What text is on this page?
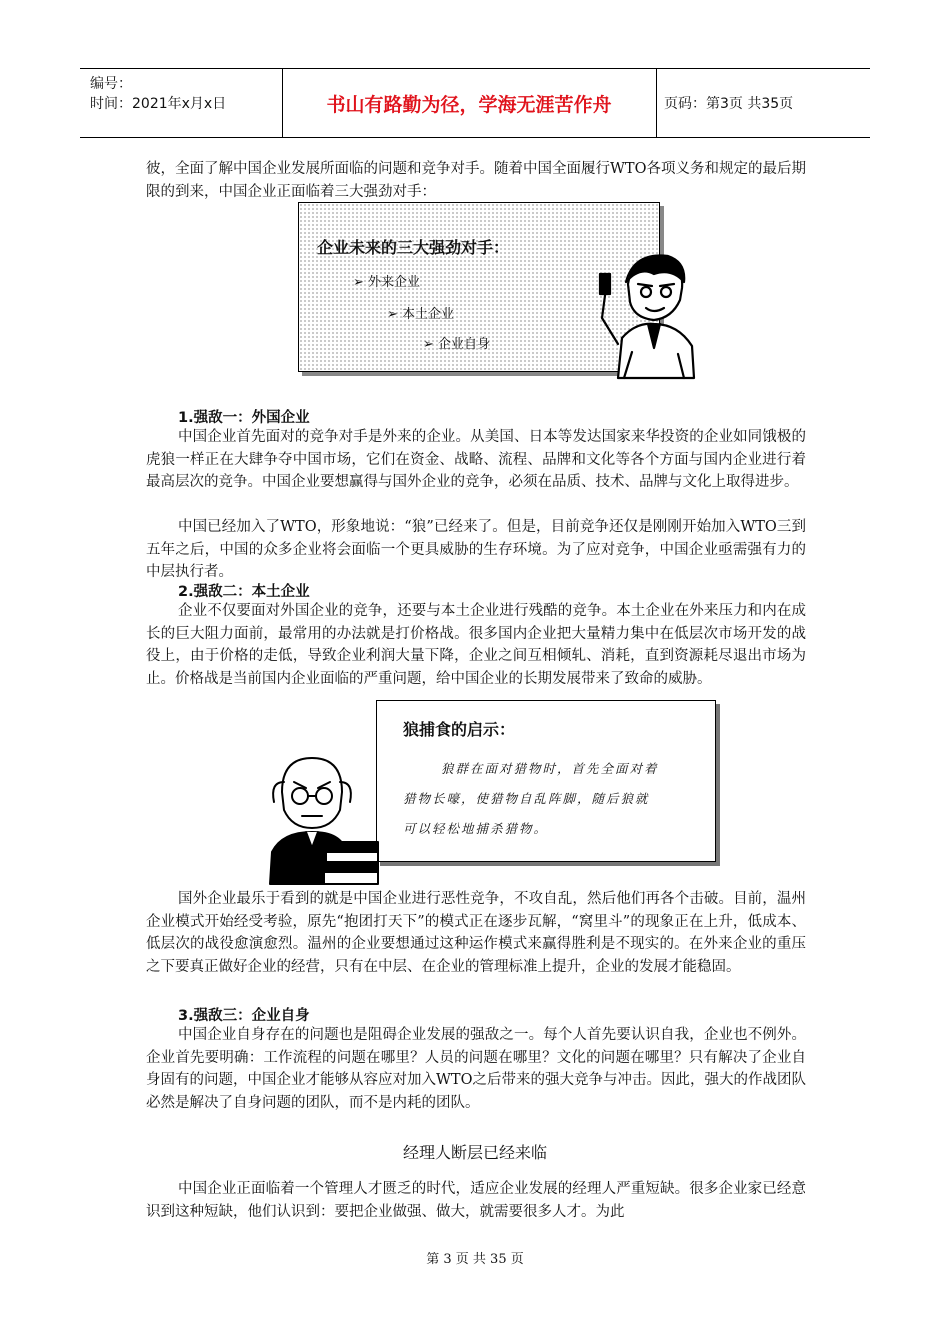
编号：
时间：2021年x月x日	书山有路勤为径，学海无涯苦作舟	页码：第3页 共35页

彼，全面了解中国企业发展所面临的问题和竞争对手。随着中国全面履行WTO各项义务和规定的最后期限的到来，中国企业正面临着三大强劲对手：

企业未来的三大强劲对手：
➢ 外来企业
➢ 本土企业
➢ 企业自身
1.强敌一：外国企业

中国企业首先面对的竞争对手是外来的企业。从美国、日本等发达国家来华投资的企业如同饿极的虎狼一样正在大肆争夺中国市场，它们在资金、战略、流程、品牌和文化等各个方面与国内企业进行着最高层次的竞争。中国企业要想赢得与国外企业的竞争，必须在品质、技术、品牌与文化上取得进步。

中国已经加入了WTO，形象地说：“狼”已经来了。但是，目前竞争还仅是刚刚开始加入WTO三到五年之后，中国的众多企业将会面临一个更具威胁的生存环境。为了应对竞争，中国企业亟需强有力的中层执行者。

2.强敌二：本土企业

企业不仅要面对外国企业的竞争，还要与本土企业进行残酷的竞争。本土企业在外来压力和内在成长的巨大阻力面前，最常用的办法就是打价格战。很多国内企业把大量精力集中在低层次市场开发的战役上，由于价格的走低，导致企业利润大量下降，企业之间互相倾轧、消耗，直到资源耗尽退出市场为止。价格战是当前国内企业面临的严重问题，给中国企业的长期发展带来了致命的威胁。

狼捕食的启示：
狼群在面对猎物时，首先全面对着
猎物长嚎，使猎物自乱阵脚，随后狼就
可以轻松地捕杀猎物。

国外企业最乐于看到的就是中国企业进行恶性竞争，不攻自乱，然后他们再各个击破。目前，温州企业模式开始经受考验，原先“抱团打天下”的模式正在逐步瓦解，“窝里斗”的现象正在上升，低成本、低层次的战役愈演愈烈。温州的企业要想通过这种运作模式来赢得胜利是不现实的。在外来企业的重压之下要真正做好企业的经营，只有在中层、在企业的管理标准上提升，企业的发展才能稳固。

3.强敌三：企业自身

中国企业自身存在的问题也是阻碍企业发展的强敌之一。每个人首先要认识自我，企业也不例外。企业首先要明确：工作流程的问题在哪里？人员的问题在哪里？文化的问题在哪里？只有解决了企业自身固有的问题，中国企业才能够从容应对加入WTO之后带来的强大竞争与冲击。因此，强大的作战团队必然是解决了自身问题的团队，而不是内耗的团队。

经理人断层已经来临

中国企业正面临着一个管理人才匮乏的时代，适应企业发展的经理人严重短缺。很多企业家已经意识到这种短缺，他们认识到：要把企业做强、做大，就需要很多人才。为此

第 3 页 共 35 页
